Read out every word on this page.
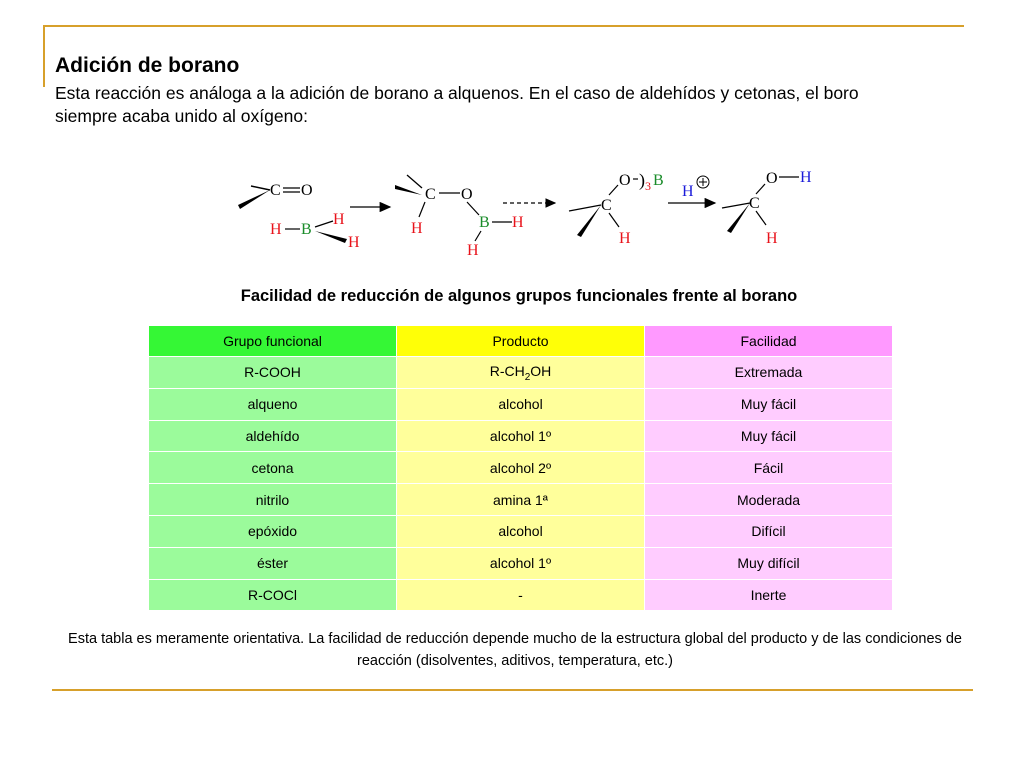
Adición de borano
Esta reacción es análoga a la adición de borano a alquenos. En el caso de aldehídos y cetonas, el boro siempre acaba unido al oxígeno:
C O
H B
H
H
C O
H	B H
H
C
O ) 3 B
H
H
C
O H
H
Facilidad de reducción de algunos grupos funcionales frente al borano
Grupo funcional	Producto	Facilidad
R-COOH	$R-CH_2OH$	Extremada
alqueno	alcohol	Muy fácil
aldehído	alcohol 1º	Muy fácil
cetona	alcohol 2º	Fácil
nitrilo	amina 1ª	Moderada
epóxido	alcohol	Difícil
éster	alcohol 1º	Muy difícil
R-COCl	-	Inerte
Esta tabla es meramente orientativa. La facilidad de reducción depende mucho de la estructura global del producto y de las condiciones de reacción (disolventes, aditivos, temperatura, etc.)
